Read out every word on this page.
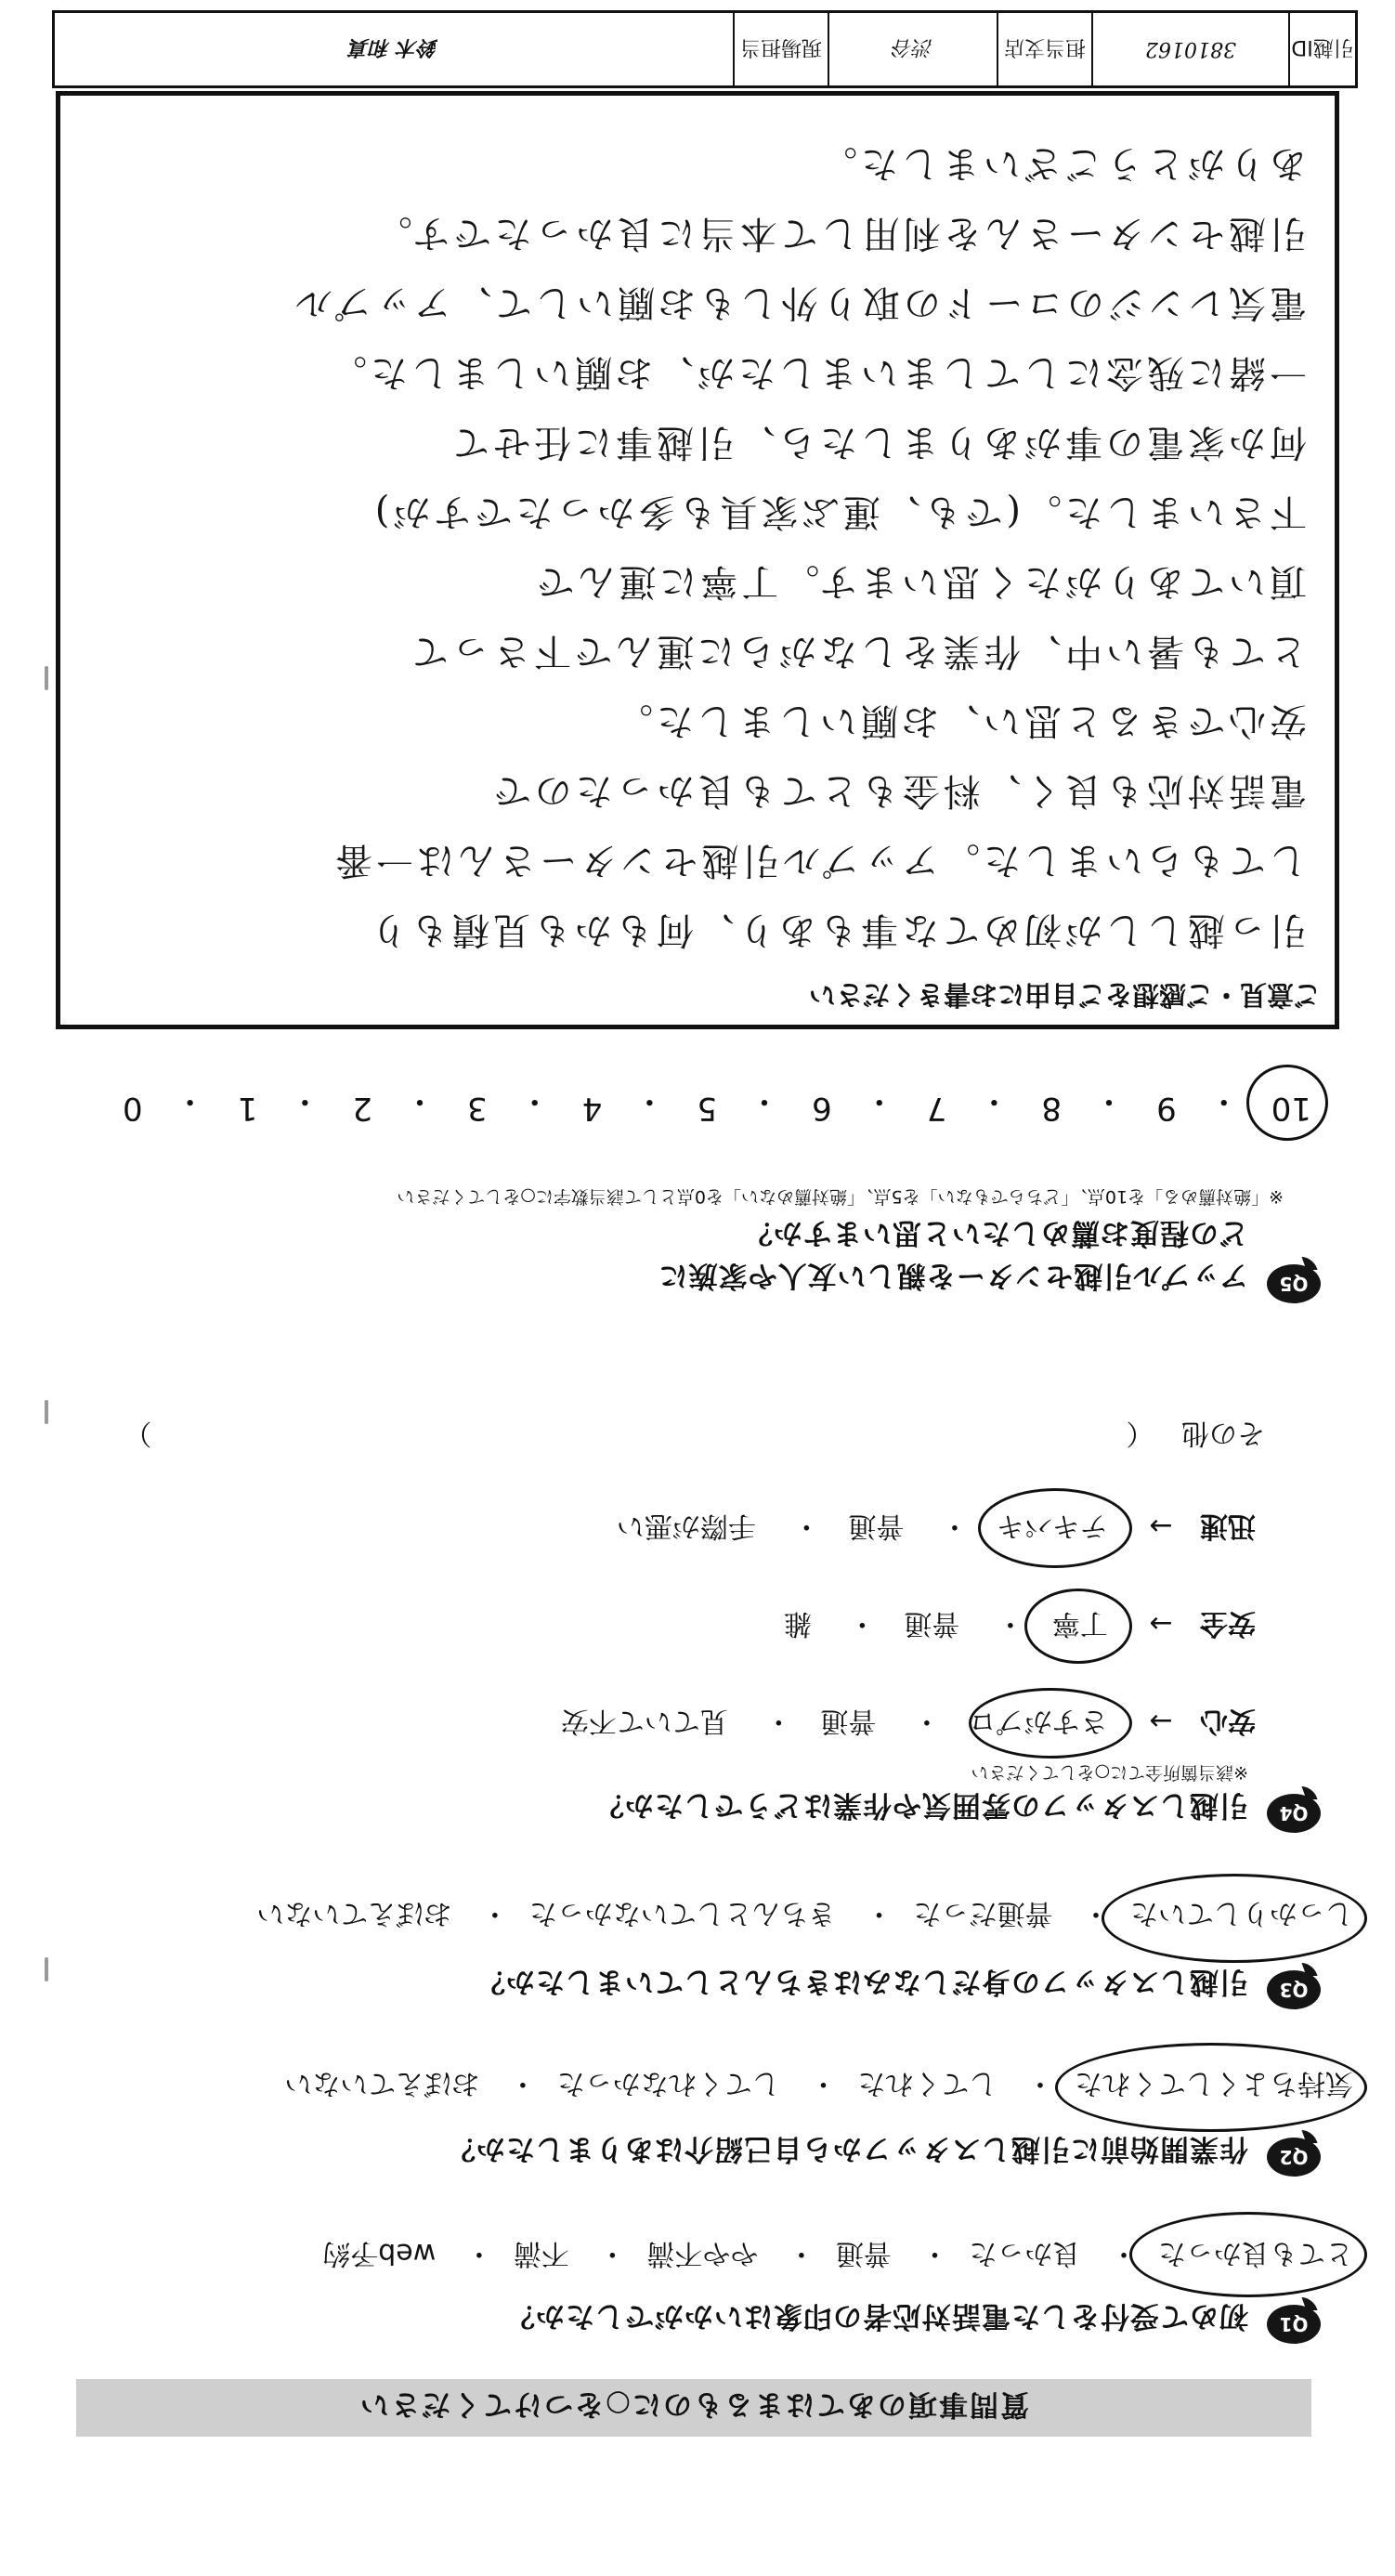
質問事項のあてはまるものに○をつけてください
Q1
初めて受付をした電話対応者の印象はいかがでしたか？
とても良かった・ 良かった・ 普通・ やや不満・ 不満・ web予約
Q2
作業開始前に引越しスタッフから自己紹介はありましたか？
気持ちよくしてくれた・ してくれた・ してくれなかった・ おぼえていない
Q3
引越しスタッフの身だしなみはきちんとしていましたか？
しっかりしていた・ 普通だった・ きちんとしていなかった・ おぼえていない
Q4
引越しスタッフの雰囲気や作業はどうでしたか？
※該当箇所全てに○をしてください
安心 → さすがプロ・ 普通・ 見ていて不安
安全 → 丁寧・ 普通・ 雑
迅速 → テキパキ・ 普通・ 手際が悪い
その他 （  ）
Q5
アップル引越センターを親しい友人や家族に
どの程度お薦めしたいと思いますか？
※「絶対薦める」を10点、「どちらでもない」を5点、「絶対薦めない」を0点として該当数字に○をしてください
10
・
9
・
8
・
7
・
6
・
5
・
4
・
3
・
2
・
1
・
0
ご意見・ご感想をご自由にお書きください
引っ越ししが初めてな事もあり、何もかも見積もり
してもらいました。アップル引越センターさんは一番
電話対応も良く、料金もとても良かったので
安心できると思い、お願いしました。
とても暑い中、作業をしながらに運んで下さって
頂いてありがたく思います。丁寧に運んで
下さいました。(でも、運ぶ家具も多かったですが)
何か家電の事がありましたら、引越事に任せて
一緒に残念にしてしまいましたが、お願いしました。
電気レンジのコードの取り外しもお願いして、アップル
引越センターさんを利用して本当に良かったです。
ありがとうございました。
引越ID
3810162
担当支店
渋谷
現場担当
鈴木 和真
